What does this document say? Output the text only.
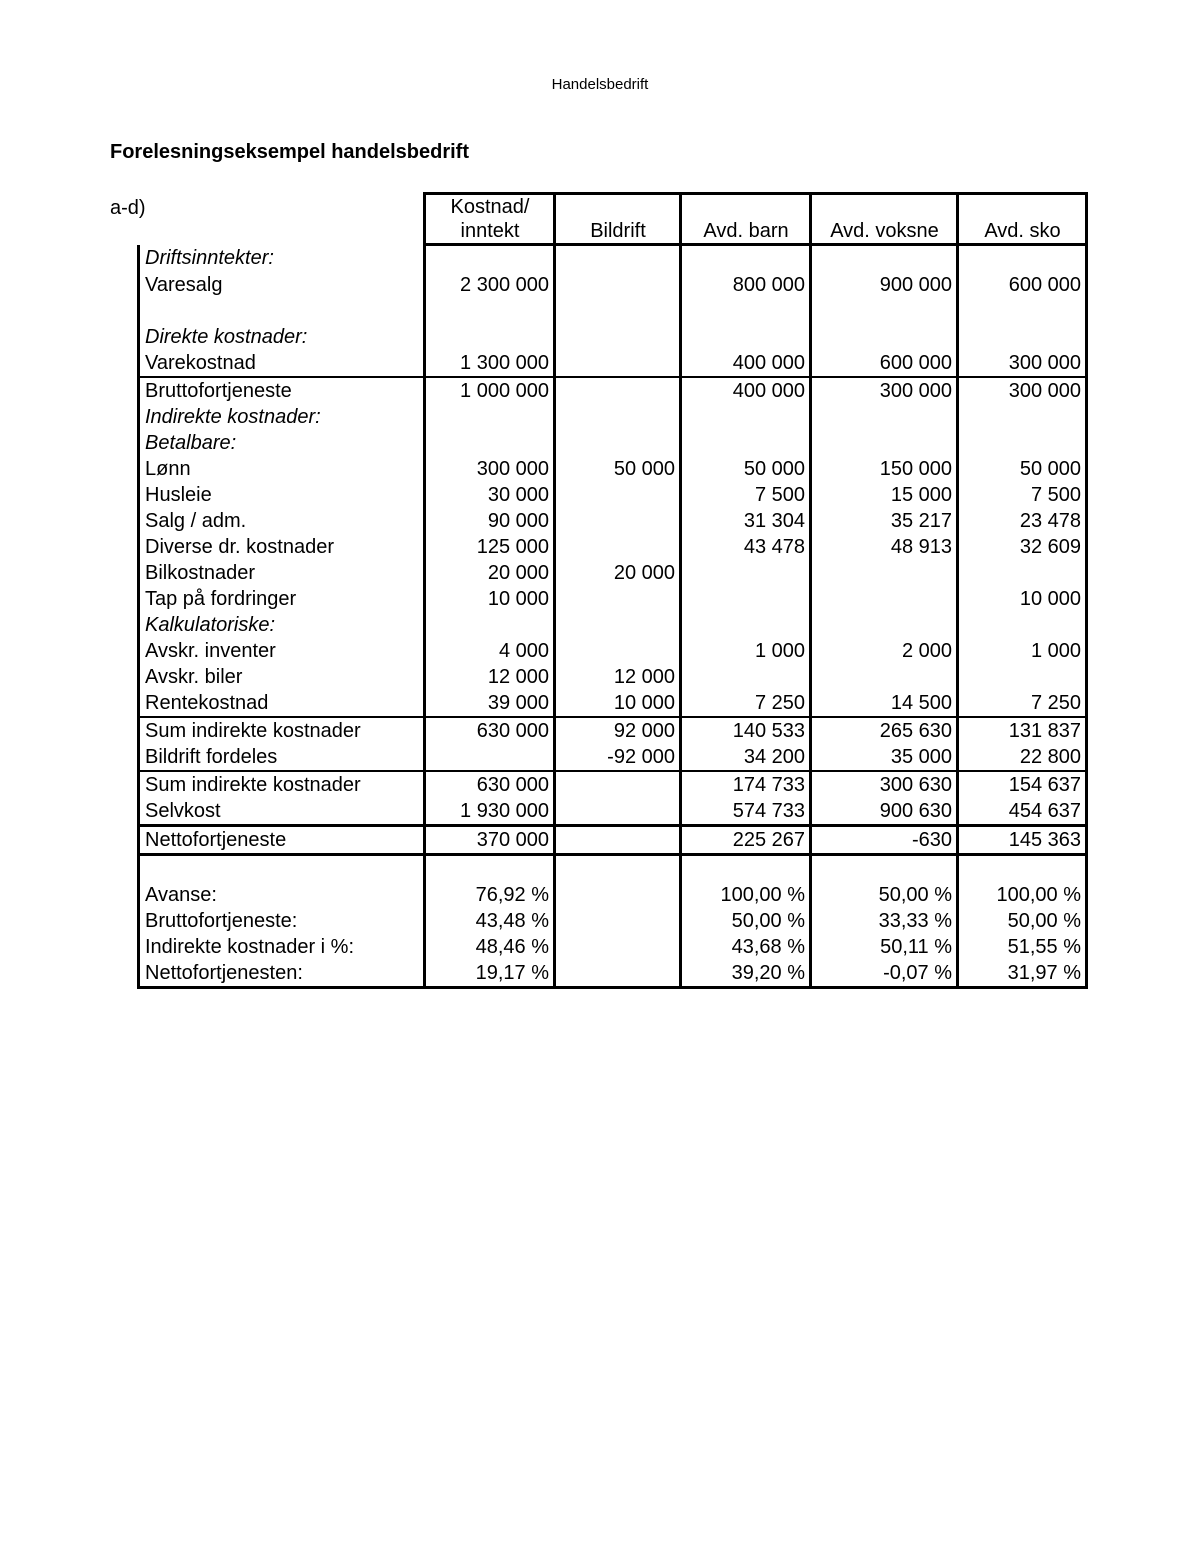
Handelsbedrift
Forelesningseksempel handelsbedrift
a-d)
		Kostnad/
inntekt	Bildrift	Avd. barn	Avd. voksne	Avd. sko
Driftsinntekter:					
Varesalg	2 300 000		800 000	900 000	600 000

Direkte kostnader:					
Varekostnad	1 300 000		400 000	600 000	300 000
Bruttofortjeneste	1 000 000		400 000	300 000	300 000
Indirekte kostnader:					
Betalbare:					
Lønn	300 000	50 000	50 000	150 000	50 000
Husleie	30 000		7 500	15 000	7 500
Salg / adm.	90 000		31 304	35 217	23 478
Diverse dr. kostnader	125 000		43 478	48 913	32 609
Bilkostnader	20 000	20 000			
Tap på fordringer	10 000				10 000
Kalkulatoriske:					
Avskr. inventer	4 000		1 000	2 000	1 000
Avskr. biler	12 000	12 000			
Rentekostnad	39 000	10 000	7 250	14 500	7 250
Sum indirekte kostnader	630 000	92 000	140 533	265 630	131 837
Bildrift fordeles		-92 000	34 200	35 000	22 800
Sum indirekte kostnader	630 000		174 733	300 630	154 637
Selvkost	1 930 000		574 733	900 630	454 637
Nettofortjeneste	370 000		225 267	-630	145 363

Avanse:	76,92 %		100,00 %	50,00 %	100,00 %
Bruttofortjeneste:	43,48 %		50,00 %	33,33 %	50,00 %
Indirekte kostnader i %:	48,46 %		43,68 %	50,11 %	51,55 %
Nettofortjenesten:	19,17 %		39,20 %	-0,07 %	31,97 %
